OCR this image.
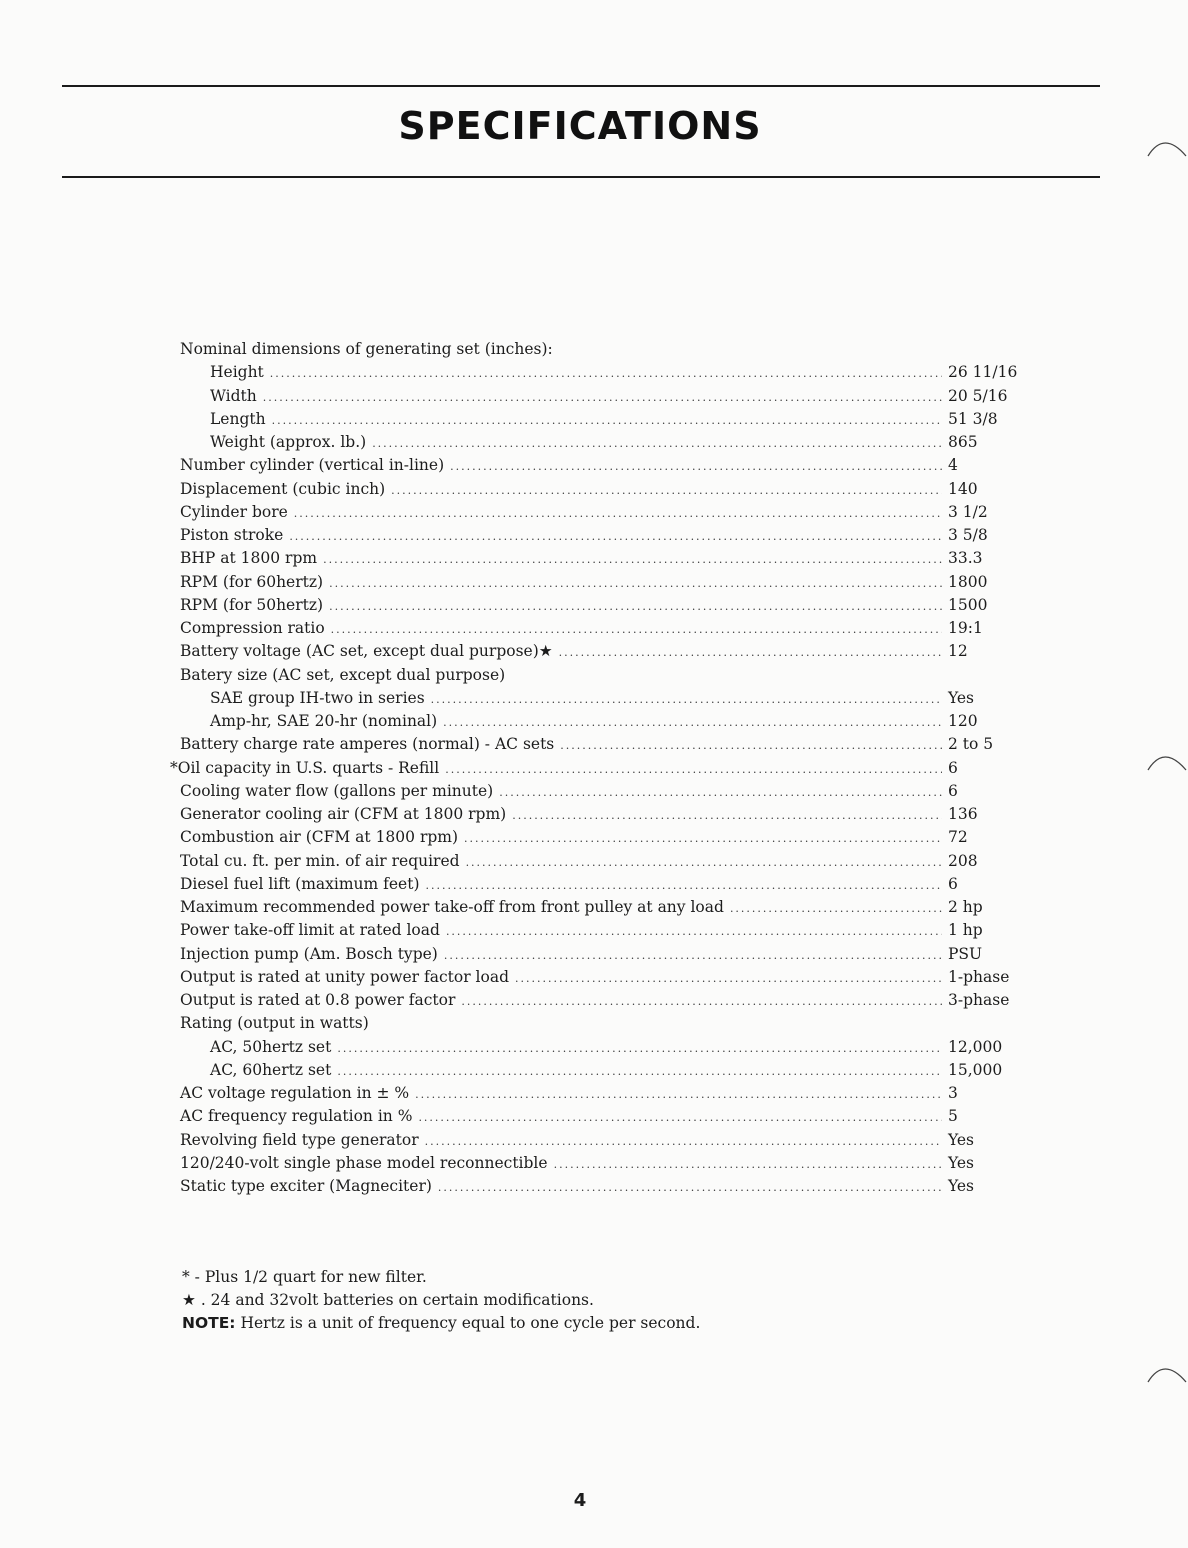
SPECIFICATIONS
Nominal dimensions of generating set (inches):
Height .....	26 11/16
Width .....	20 5/16
Length .....	51 3/8
Weight (approx. lb.) .....	865
Number cylinder (vertical in-line) .....	4
Displacement (cubic inch) .....	140
Cylinder bore .....	3 1/2
Piston stroke .....	3 5/8
BHP at 1800 rpm .....	33.3
RPM (for 60hertz) .....	1800
RPM (for 50hertz) .....	1500
Compression ratio .....	19:1
Battery voltage (AC set, except dual purpose)★ .....	12
Batery size (AC set, except dual purpose)
SAE group IH-two in series .....	Yes
Amp-hr, SAE 20-hr (nominal) .....	120
Battery charge rate amperes (normal) - AC sets .....	2 to 5
*Oil capacity in U.S. quarts - Refill .....	6
Cooling water flow (gallons per minute) .....	6
Generator cooling air (CFM at 1800 rpm) .....	136
Combustion air (CFM at 1800 rpm) .....	72
Total cu. ft. per min. of air required .....	208
Diesel fuel lift (maximum feet) .....	6
Maximum recommended power take-off from front pulley at any load .....	2 hp
Power take-off limit at rated load .....	1 hp
Injection pump (Am. Bosch type) .....	PSU
Output is rated at unity power factor load .....	1-phase
Output is rated at 0.8 power factor .....	3-phase
Rating (output in watts)
AC, 50hertz set .....	12,000
AC, 60hertz set .....	15,000
AC voltage regulation in ± % .....	3
AC frequency regulation in % .....	5
Revolving field type generator .....	Yes
120/240-volt single phase model reconnectible .....	Yes
Static type exciter (Magneciter) .....	Yes
* - Plus 1/2 quart for new filter.
★ . 24 and 32volt batteries on certain modifications.
NOTE: Hertz is a unit of frequency equal to one cycle per second.
4
